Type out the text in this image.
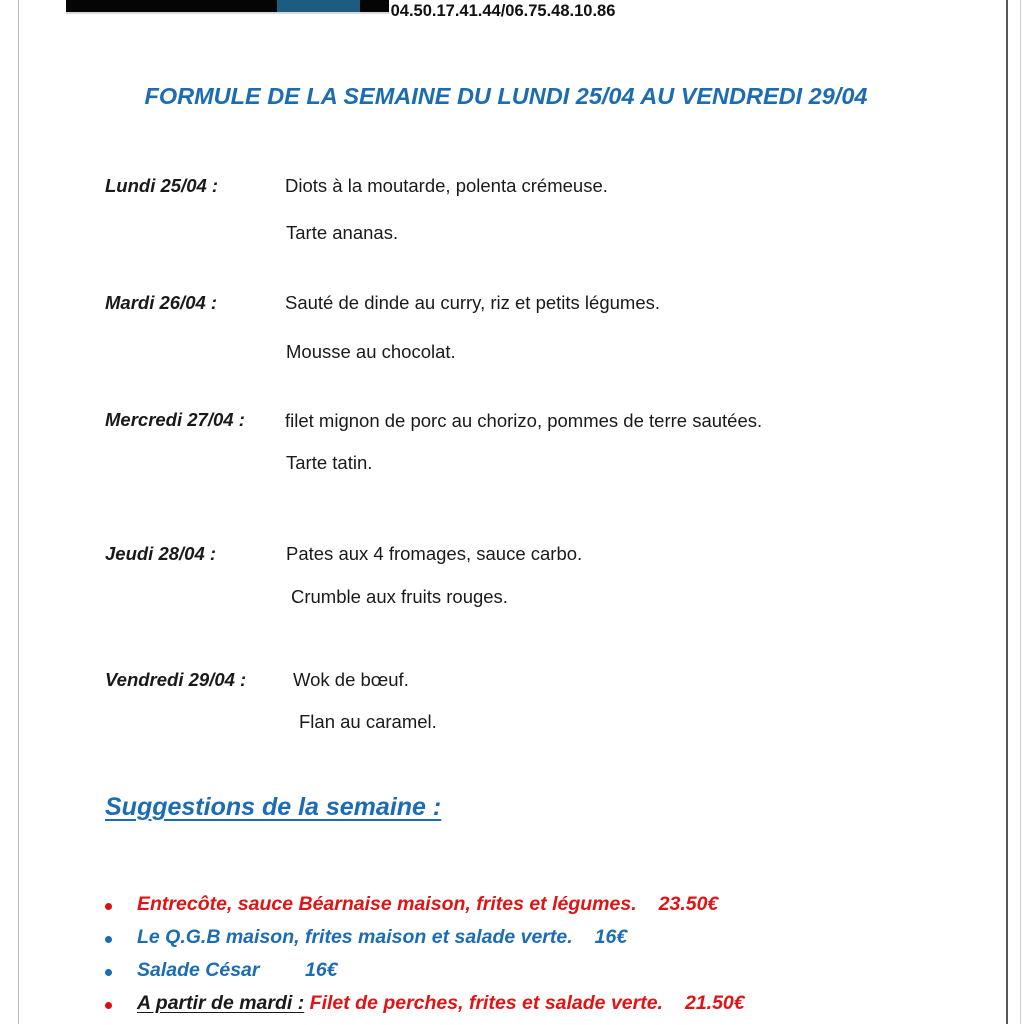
04.50.17.41.44/06.75.48.10.86
FORMULE DE LA SEMAINE DU LUNDI 25/04 AU VENDREDI 29/04
Lundi 25/04 :	Diots à la moutarde, polenta crémeuse.
Tarte ananas.
Mardi 26/04 :	Sauté de dinde au curry, riz et petits légumes.
Mousse au chocolat.
Mercredi 27/04 : filet mignon de porc au chorizo, pommes de terre sautées.
Tarte tatin.
Jeudi 28/04 :	Pates aux 4 fromages, sauce carbo.
Crumble aux fruits rouges.
Vendredi 29/04 :	Wok de bœuf.
Flan au caramel.
Suggestions de la semaine :
Entrecôte, sauce Béarnaise maison, frites et légumes. 23.50€
Le Q.G.B maison, frites maison et salade verte. 16€
Salade César 16€
A partir de mardi : Filet de perches, frites et salade verte. 21.50€
